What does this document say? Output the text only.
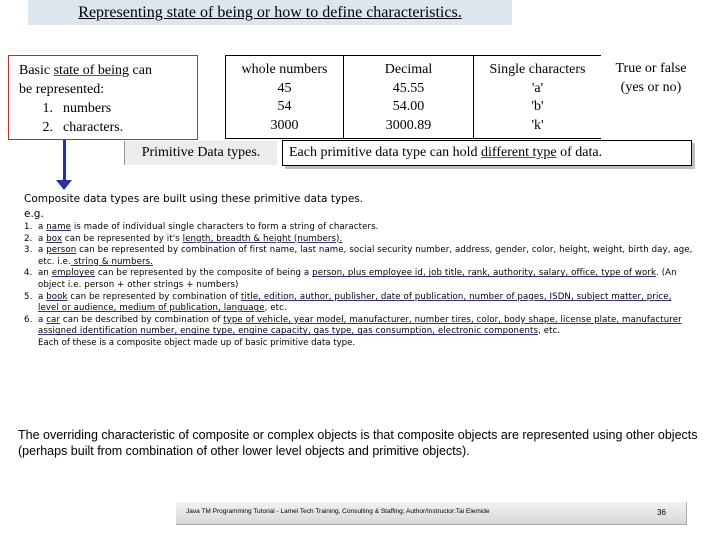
Representing state of being or how to define characteristics.
Basic state of being can
be represented:
1. numbers
2. characters.
whole numbers
45
54
3000
Decimal
45.55
54.00
3000.89
Single characters
'a'
'b'
'k'
True or false
(yes or no)
Primitive Data types.	Each primitive data type can hold different type of data.

Composite data types are built using these primitive data types.

e.g.

1. a name is made of individual single characters to form a string of characters.
2. a box can be represented by it's length, breadth & height (numbers).
3. a person can be represented by combination of first name, last name, social security number, address, gender, color, height, weight, birth day, age, etc. i.e. string & numbers.
4. an employee can be represented by the composite of being a person, plus employee id, job title, rank, authority, salary, office, type of work. (An object i.e. person + other strings + numbers)
5. a book can be represented by combination of title, edition, author, publisher, date of publication, number of pages, ISDN, subject matter, price, level or audience, medium of publication, language, etc.
6. a car can be described by combination of type of vehicle, year model, manufacturer, number tires, color, body shape, license plate, manufacturer assigned identification number, engine type, engine capacity, gas type, gas consumption, electronic components, etc.
Each of these is a composite object made up of basic primitive data type.
The overriding characteristic of composite or complex objects is that composite objects are represented using other objects (perhaps built from combination of other lower level objects and primitive objects).
Java TM Programming Tutorial - Lamel Tech Training, Consulting & Staffing; Author/Instructor:Tai Elemide	36
